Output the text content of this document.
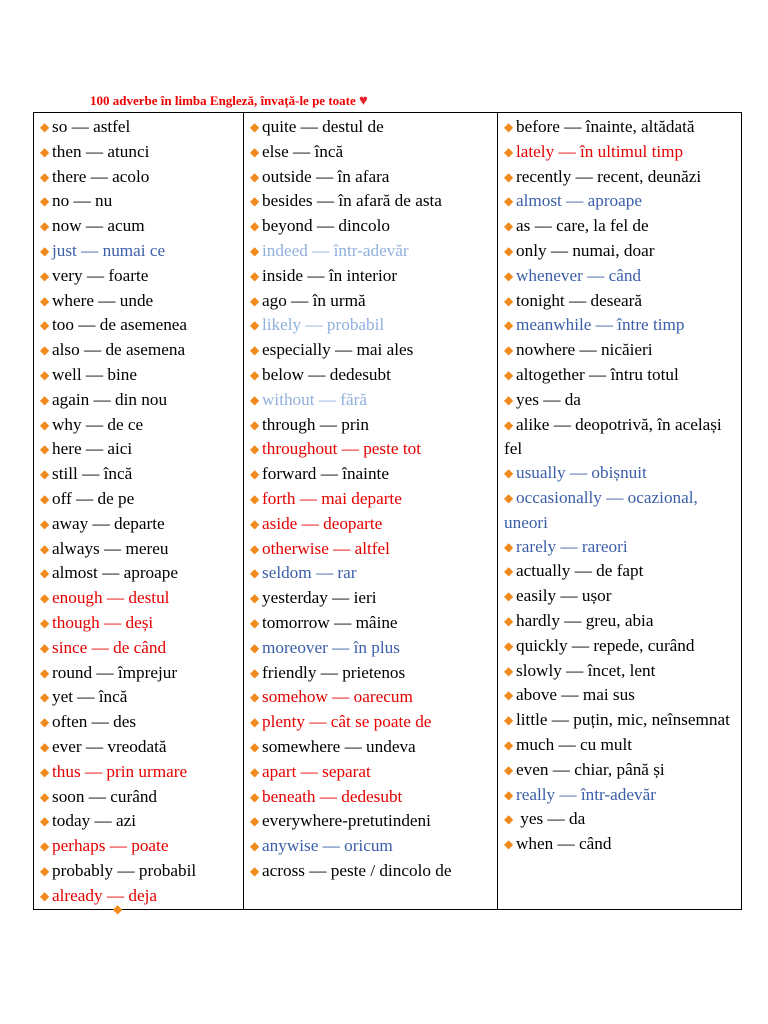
100 adverbe în limba Engleză, învață-le pe toate ♥
◆ so — astfel
◆ then — atunci
◆ there — acolo
◆ no — nu
◆ now — acum
◆ just — numai ce
◆ very — foarte
◆ where — unde
◆ too — de asemenea
◆ also — de asemena
◆ well — bine
◆ again — din nou
◆ why — de ce
◆ here — aici
◆ still — încă
◆ off — de pe
◆ away — departe
◆ always — mereu
◆ almost — aproape
◆ enough — destul
◆ though — deși
◆ since — de când
◆ round — împrejur
◆ yet — încă
◆ often — des
◆ ever — vreodată
◆ thus — prin urmare
◆ soon — curând
◆ today — azi
◆ perhaps — poate
◆ probably — probabil
◆ already — deja

◆ quite — destul de
◆ else — încă
◆ outside — în afara
◆ besides — în afară de asta
◆ beyond — dincolo
◆ indeed — într-adevăr
◆ inside — în interior
◆ ago — în urmă
◆ likely — probabil
◆ especially — mai ales
◆ below — dedesubt
◆ without — fără
◆ through — prin
◆ throughout — peste tot
◆ forward — înainte
◆ forth — mai departe
◆ aside — deoparte
◆ otherwise — altfel
◆ seldom — rar
◆ yesterday — ieri
◆ tomorrow — mâine
◆ moreover — în plus
◆ friendly — prietenos
◆ somehow — oarecum
◆ plenty — cât se poate de
◆ somewhere — undeva
◆ apart — separat
◆ beneath — dedesubt
◆ everywhere-pretutindeni
◆ anywise — oricum
◆ across — peste / dincolo de

◆ before — înainte, altădată
◆ lately — în ultimul timp
◆ recently — recent, deunăzi
◆ almost — aproape
◆ as — care, la fel de
◆ only — numai, doar
◆ whenever — când
◆ tonight — deseară
◆ meanwhile — între timp
◆ nowhere — nicăieri
◆ altogether — întru totul
◆ yes — da
◆ alike — deopotrivă, în același fel
◆ usually — obișnuit
◆ occasionally — ocazional, uneori
◆ rarely — rareori
◆ actually — de fapt
◆ easily — ușor
◆ hardly — greu, abia
◆ quickly — repede, curând
◆ slowly — încet, lent
◆ above — mai sus
◆ little — puțin, mic, neînsemnat
◆ much — cu mult
◆ even — chiar, până și
◆ really — într-adevăr
◆ yes — da
◆ when — când
◆
